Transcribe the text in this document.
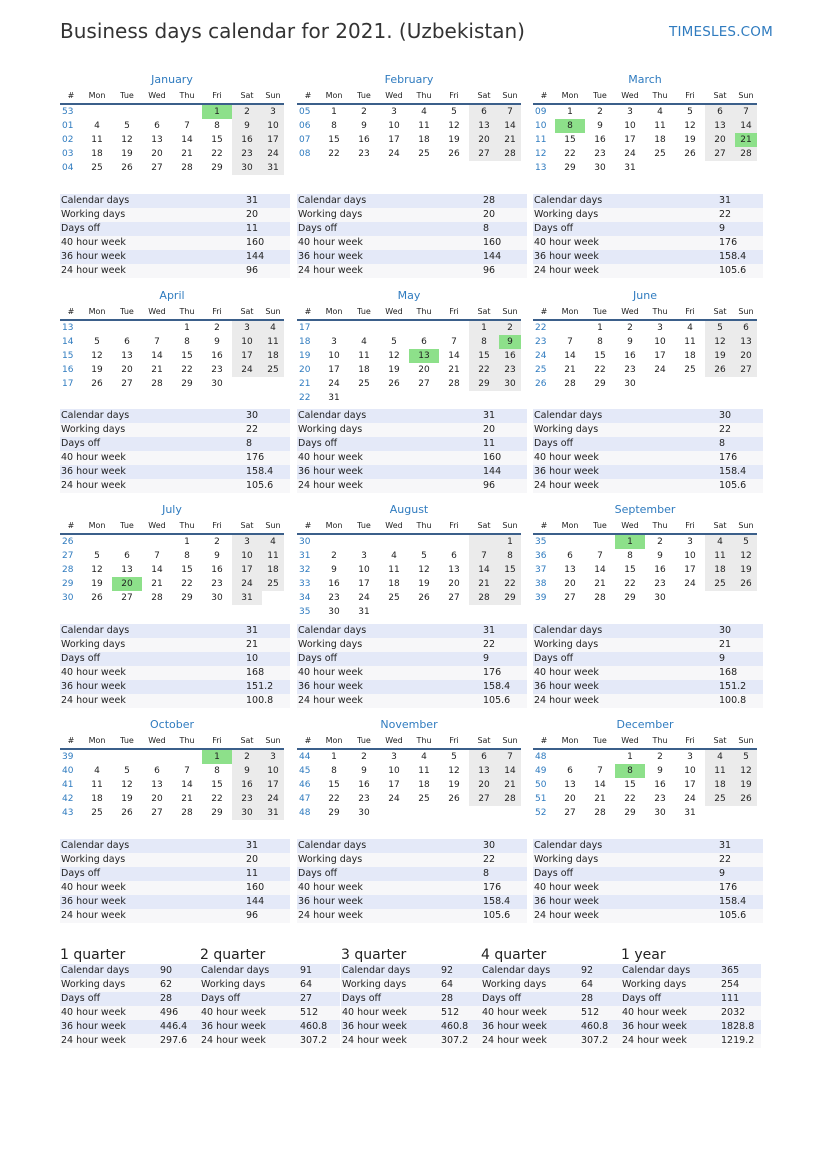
Business days calendar for 2021. (Uzbekistan)	TIMESLES.COM
January
#	Mon	Tue	Wed	Thu	Fri	Sat	Sun
53					1	2	3
01	4	5	6	7	8	9	10
02	11	12	13	14	15	16	17
03	18	19	20	21	22	23	24
04	25	26	27	28	29	30	31
Calendar days	31
Working days	20
Days off	11
40 hour week	160
36 hour week	144
24 hour week	96
February
#	Mon	Tue	Wed	Thu	Fri	Sat	Sun
05	1	2	3	4	5	6	7
06	8	9	10	11	12	13	14
07	15	16	17	18	19	20	21
08	22	23	24	25	26	27	28
Calendar days	28
Working days	20
Days off	8
40 hour week	160
36 hour week	144
24 hour week	96
March
#	Mon	Tue	Wed	Thu	Fri	Sat	Sun
09	1	2	3	4	5	6	7
10	8	9	10	11	12	13	14
11	15	16	17	18	19	20	21
12	22	23	24	25	26	27	28
13	29	30	31				
Calendar days	31
Working days	22
Days off	9
40 hour week	176
36 hour week	158.4
24 hour week	105.6
April
#	Mon	Tue	Wed	Thu	Fri	Sat	Sun
13				1	2	3	4
14	5	6	7	8	9	10	11
15	12	13	14	15	16	17	18
16	19	20	21	22	23	24	25
17	26	27	28	29	30		
Calendar days	30
Working days	22
Days off	8
40 hour week	176
36 hour week	158.4
24 hour week	105.6
May
#	Mon	Tue	Wed	Thu	Fri	Sat	Sun
17						1	2
18	3	4	5	6	7	8	9
19	10	11	12	13	14	15	16
20	17	18	19	20	21	22	23
21	24	25	26	27	28	29	30
22	31						
Calendar days	31
Working days	20
Days off	11
40 hour week	160
36 hour week	144
24 hour week	96
June
#	Mon	Tue	Wed	Thu	Fri	Sat	Sun
22		1	2	3	4	5	6
23	7	8	9	10	11	12	13
24	14	15	16	17	18	19	20
25	21	22	23	24	25	26	27
26	28	29	30				
Calendar days	30
Working days	22
Days off	8
40 hour week	176
36 hour week	158.4
24 hour week	105.6
July
#	Mon	Tue	Wed	Thu	Fri	Sat	Sun
26				1	2	3	4
27	5	6	7	8	9	10	11
28	12	13	14	15	16	17	18
29	19	20	21	22	23	24	25
30	26	27	28	29	30	31	
Calendar days	31
Working days	21
Days off	10
40 hour week	168
36 hour week	151.2
24 hour week	100.8
August
#	Mon	Tue	Wed	Thu	Fri	Sat	Sun
30							1
31	2	3	4	5	6	7	8
32	9	10	11	12	13	14	15
33	16	17	18	19	20	21	22
34	23	24	25	26	27	28	29
35	30	31					
Calendar days	31
Working days	22
Days off	9
40 hour week	176
36 hour week	158.4
24 hour week	105.6
September
#	Mon	Tue	Wed	Thu	Fri	Sat	Sun
35			1	2	3	4	5
36	6	7	8	9	10	11	12
37	13	14	15	16	17	18	19
38	20	21	22	23	24	25	26
39	27	28	29	30			
Calendar days	30
Working days	21
Days off	9
40 hour week	168
36 hour week	151.2
24 hour week	100.8
October
#	Mon	Tue	Wed	Thu	Fri	Sat	Sun
39					1	2	3
40	4	5	6	7	8	9	10
41	11	12	13	14	15	16	17
42	18	19	20	21	22	23	24
43	25	26	27	28	29	30	31
Calendar days	31
Working days	20
Days off	11
40 hour week	160
36 hour week	144
24 hour week	96
November
#	Mon	Tue	Wed	Thu	Fri	Sat	Sun
44	1	2	3	4	5	6	7
45	8	9	10	11	12	13	14
46	15	16	17	18	19	20	21
47	22	23	24	25	26	27	28
48	29	30					
Calendar days	30
Working days	22
Days off	8
40 hour week	176
36 hour week	158.4
24 hour week	105.6
December
#	Mon	Tue	Wed	Thu	Fri	Sat	Sun
48			1	2	3	4	5
49	6	7	8	9	10	11	12
50	13	14	15	16	17	18	19
51	20	21	22	23	24	25	26
52	27	28	29	30	31		
Calendar days	31
Working days	22
Days off	9
40 hour week	176
36 hour week	158.4
24 hour week	105.6
1 quarter
Calendar days	90
Working days	62
Days off	28
40 hour week	496
36 hour week	446.4
24 hour week	297.6
2 quarter
Calendar days	91
Working days	64
Days off	27
40 hour week	512
36 hour week	460.8
24 hour week	307.2
3 quarter
Calendar days	92
Working days	64
Days off	28
40 hour week	512
36 hour week	460.8
24 hour week	307.2
4 quarter
Calendar days	92
Working days	64
Days off	28
40 hour week	512
36 hour week	460.8
24 hour week	307.2
1 year
Calendar days	365
Working days	254
Days off	111
40 hour week	2032
36 hour week	1828.8
24 hour week	1219.2
